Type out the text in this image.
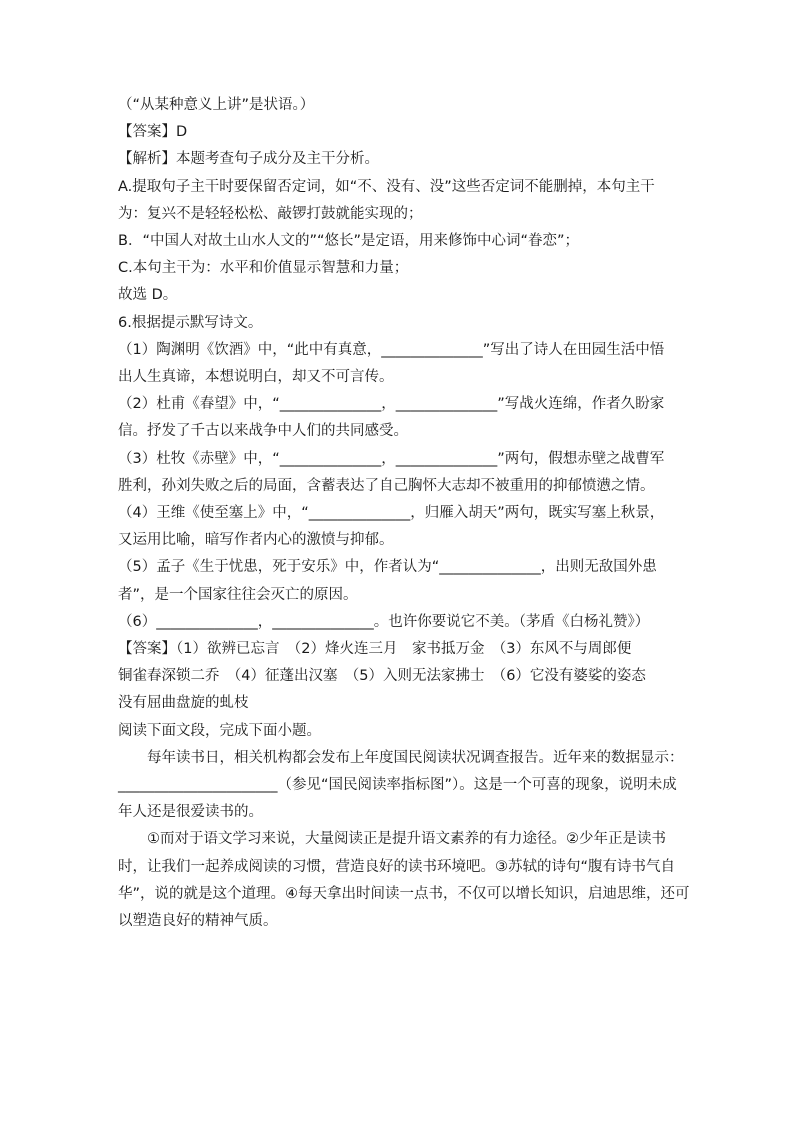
（“从某种意义上讲”是状语。）
【答案】D
【解析】本题考查句子成分及主干分析。
A.提取句子主干时要保留否定词，如“不、没有、没”这些否定词不能删掉，本句主干
为：复兴不是轻轻松松、敲锣打鼓就能实现的；
B．“中国人对故土山水人文的”“悠长”是定语，用来修饰中心词“眷恋”；
C.本句主干为：水平和价值显示智慧和力量；
故选 D。
6.根据提示默写诗文。
（1）陶渊明《饮酒》中，“此中有真意，______________”写出了诗人在田园生活中悟
出人生真谛，本想说明白，却又不可言传。
（2）杜甫《春望》中，“______________，______________”写战火连绵，作者久盼家
信。抒发了千古以来战争中人们的共同感受。
（3）杜牧《赤壁》中，“______________，______________”两句，假想赤壁之战曹军
胜利，孙刘失败之后的局面，含蓄表达了自己胸怀大志却不被重用的抑郁愤懑之情。
（4）王维《使至塞上》中，“______________，归雁入胡天”两句，既实写塞上秋景，
又运用比喻，暗写作者内心的激愤与抑郁。
（5）孟子《生于忧患，死于安乐》中，作者认为“______________，出则无敌国外患
者”，是一个国家往往会灭亡的原因。
（6）______________，______________。也许你要说它不美。（茅盾《白杨礼赞》）
【答案】（1）欲辨已忘言　（2）烽火连三月　家书抵万金　（3）东风不与周郎便
铜雀春深锁二乔　（4）征蓬出汉塞　（5）入则无法家拂士　（6）它没有婆娑的姿态
没有屈曲盘旋的虬枝
阅读下面文段，完成下面小题。
每年读书日，相关机构都会发布上年度国民阅读状况调查报告。近年来的数据显示：
______________________（参见“国民阅读率指标图”）。这是一个可喜的现象，说明未成
年人还是很爱读书的。
①而对于语文学习来说，大量阅读正是提升语文素养的有力途径。②少年正是读书
时，让我们一起养成阅读的习惯，营造良好的读书环境吧。③苏轼的诗句“腹有诗书气自
华”，说的就是这个道理。④每天拿出时间读一点书，不仅可以增长知识，启迪思维，还可
以塑造良好的精神气质。
